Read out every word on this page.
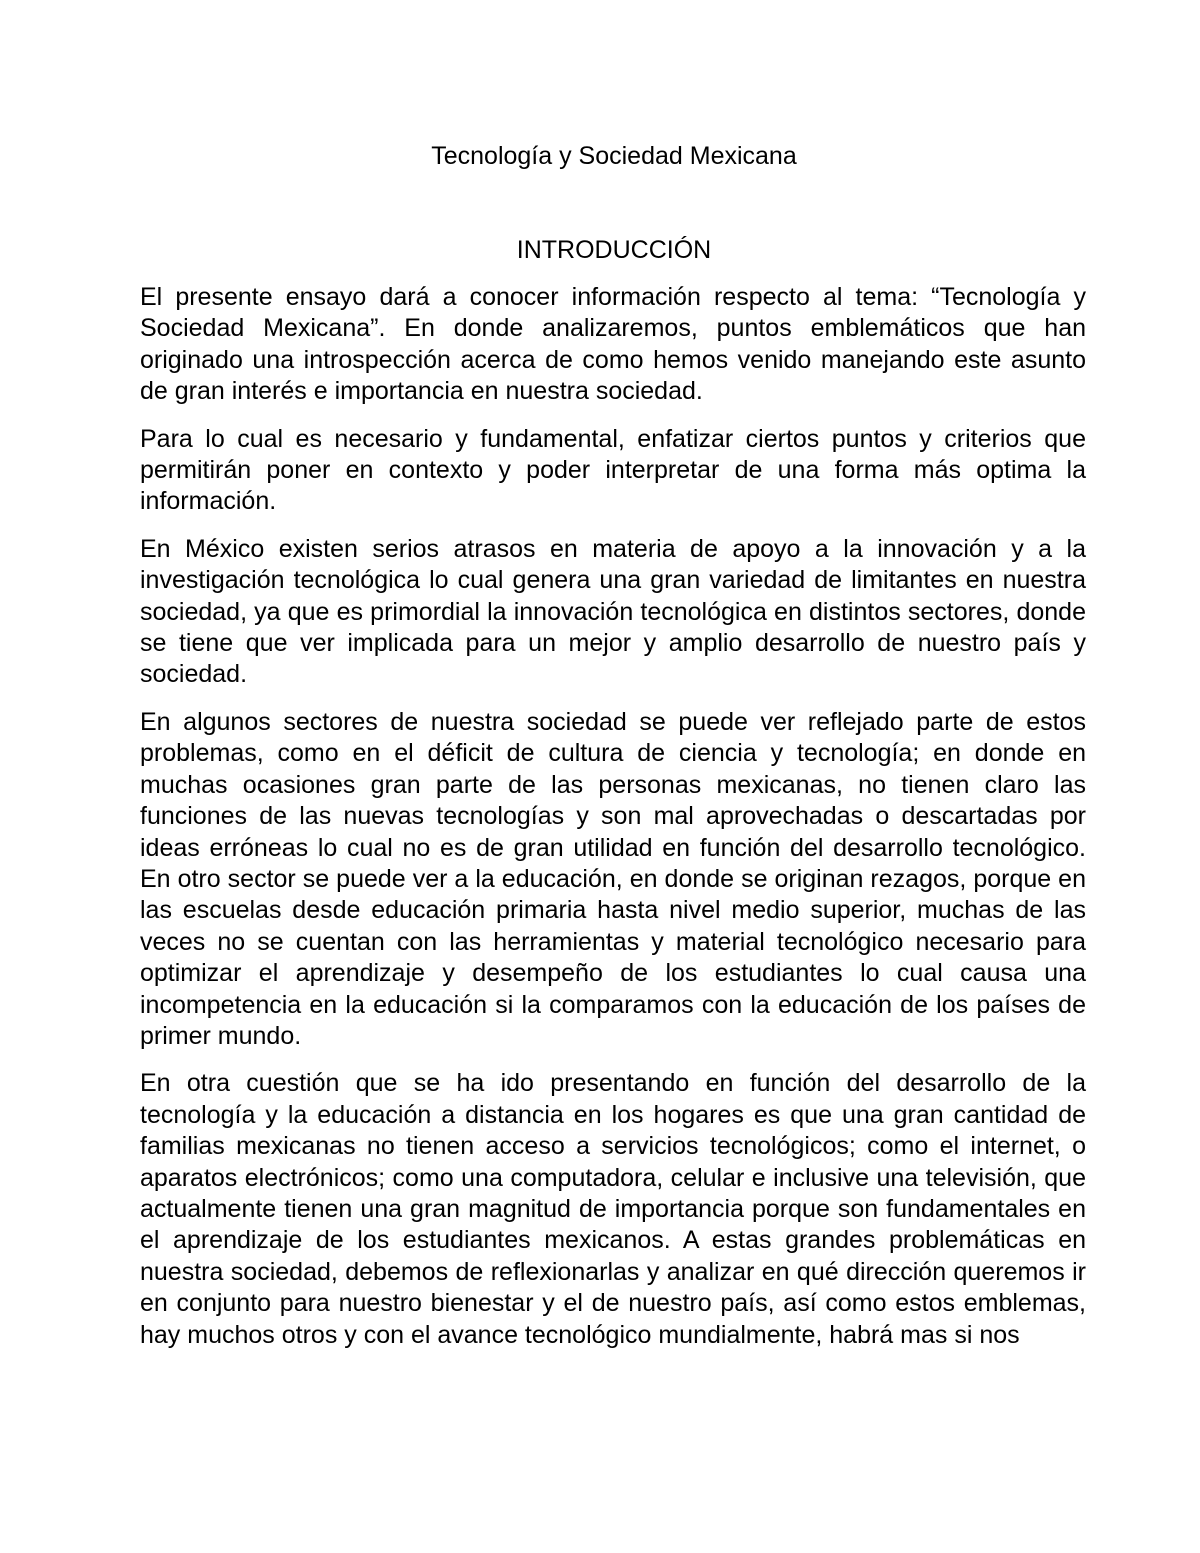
Tecnología y Sociedad Mexicana
INTRODUCCIÓN

El presente ensayo dará a conocer información respecto al tema: “Tecnología y Sociedad Mexicana”. En donde analizaremos, puntos emblemáticos que han originado una introspección acerca de como hemos venido manejando este asunto de gran interés e importancia en nuestra sociedad.

Para lo cual es necesario y fundamental, enfatizar ciertos puntos y criterios que permitirán poner en contexto y poder interpretar de una forma más optima la información.

En México existen serios atrasos en materia de apoyo a la innovación y a la investigación tecnológica lo cual genera una gran variedad de limitantes en nuestra sociedad, ya que es primordial la innovación tecnológica en distintos sectores, donde se tiene que ver implicada para un mejor y amplio desarrollo de nuestro país y sociedad.

En algunos sectores de nuestra sociedad se puede ver reflejado parte de estos problemas, como en el déficit de cultura de ciencia y tecnología; en donde en muchas ocasiones gran parte de las personas mexicanas, no tienen claro las funciones de las nuevas tecnologías y son mal aprovechadas o descartadas por ideas erróneas lo cual no es de gran utilidad en función del desarrollo tecnológico. En otro sector se puede ver a la educación, en donde se originan rezagos, porque en las escuelas desde educación primaria hasta nivel medio superior, muchas de las veces no se cuentan con las herramientas y material tecnológico necesario para optimizar el aprendizaje y desempeño de los estudiantes lo cual causa una incompetencia en la educación si la comparamos con la educación de los países de primer mundo.

En otra cuestión que se ha ido presentando en función del desarrollo de la tecnología y la educación a distancia en los hogares es que una gran cantidad de familias mexicanas no tienen acceso a servicios tecnológicos; como el internet, o aparatos electrónicos; como una computadora, celular e inclusive una televisión, que actualmente tienen una gran magnitud de importancia porque son fundamentales en el aprendizaje de los estudiantes mexicanos. A estas grandes problemáticas en nuestra sociedad, debemos de reflexionarlas y analizar en qué dirección queremos ir en conjunto para nuestro bienestar y el de nuestro país, así como estos emblemas, hay muchos otros y con el avance tecnológico mundialmente, habrá mas si nos
